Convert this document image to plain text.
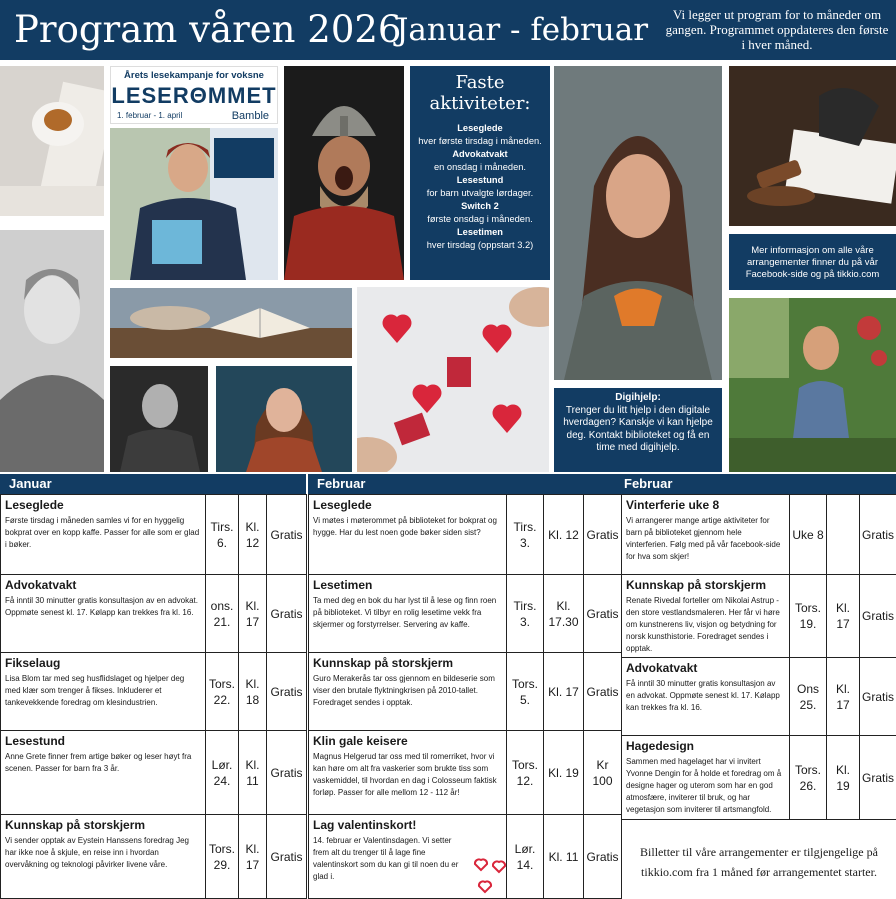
Program våren 2026
Januar - februar	Vi legger ut program for to måneder om gangen. Programmet oppdateres den første i hver måned.
Årets lesekampanje for voksne
LESERΘMMET
1. februar - 1. april	Bamble
Faste aktiviteter:
Leseglede
hver første tirsdag i måneden.
Advokatvakt
en onsdag i måneden.
Lesestund
for barn utvalgte lørdager.
Switch 2
første onsdag i måneden.
Lesetimen
hver tirsdag (oppstart 3.2)	Mer informasjon om alle våre arrangementer finner du på vår Facebook-side og på tikkio.com
Digihjelp:
Trenger du litt hjelp i den digitale hverdagen? Kanskje vi kan hjelpe deg. Kontakt biblioteket og få en time med digihjelp.
Januar	Februar	Februar
Leseglede
Første tirsdag i måneden samles vi for en hyggelig bokprat over en kopp kaffe. Passer for alle som er glad i bøker.	Tirs. 6.	Kl. 12	Gratis

Advokatvakt
Få inntil 30 minutter gratis konsultasjon av en advokat. Oppmøte senest kl. 17. Kølapp kan trekkes fra kl. 16.	ons. 21.	Kl. 17	Gratis

Fikselaug
Lisa Blom tar med seg husflidslaget og hjelper deg med klær som trenger å fikses. Inkluderer et tankevekkende foredrag om klesindustrien.	Tors. 22.	Kl. 18	Gratis

Lesestund
Anne Grete finner frem artige bøker og leser høyt fra scenen. Passer for barn fra 3 år.	Lør. 24.	Kl. 11	Gratis

Kunnskap på storskjerm
Vi sender opptak av Eystein Hanssens foredrag Jeg har ikke noe å skjule, en reise inn i hvordan overvåkning og teknologi påvirker livene våre.	Tors. 29.	Kl. 17	Gratis
Leseglede
Vi møtes i møterommet på biblioteket for bokprat og hygge. Har du lest noen gode bøker siden sist?	Tirs. 3.	Kl. 12	Gratis

Lesetimen
Ta med deg en bok du har lyst til å lese og finn roen på biblioteket. Vi tilbyr en rolig lesetime vekk fra skjermer og forstyrrelser. Servering av kaffe.	Tirs. 3.	Kl. 17.30	Gratis

Kunnskap på storskjerm
Guro Merakerås tar oss gjennom en bildeserie som viser den brutale flyktningkrisen på 2010-tallet. Foredraget sendes i opptak.	Tors. 5.	Kl. 17	Gratis

Klin gale keisere
Magnus Helgerud tar oss med til romerriket, hvor vi kan høre om alt fra vaskerier som brukte tiss som vaskemiddel, til hvordan en dag i Colosseum faktisk forløp. Passer for alle mellom 12 - 112 år!	Tors. 12.	Kl. 19	Kr 100

Lag valentinskort!
14. februar er Valentinsdagen. Vi setter frem alt du trenger til å lage fine valentinskort som du kan gi til noen du er glad i.	Lør. 14.	Kl. 11	Gratis
Vinterferie uke 8
Vi arrangerer mange artige aktiviteter for barn på biblioteket gjennom hele vinterferien. Følg med på vår facebook-side for hva som skjer!	Uke 8		Gratis

Kunnskap på storskjerm
Renate Rivedal forteller om Nikolai Astrup - den store vestlandsmaleren. Her får vi høre om kunstnerens liv, visjon og betydning for norsk kunsthistorie. Foredraget sendes i opptak.	Tors. 19.	Kl. 17	Gratis

Advokatvakt
Få inntil 30 minutter gratis konsultasjon av en advokat. Oppmøte senest kl. 17. Kølapp kan trekkes fra kl. 16.	Ons 25.	Kl. 17	Gratis

Hagedesign
Sammen med hagelaget har vi invitert Yvonne Dengin for å holde et foredrag om å designe hager og uterom som har en god atmosfære, inviterer til bruk, og har vegetasjon som inviterer til artsmangfold.	Tors. 26.	Kl. 19	Gratis
Billetter til våre arrangementer er tilgjengelige på tikkio.com fra 1 måned før arrangementet starter.			
